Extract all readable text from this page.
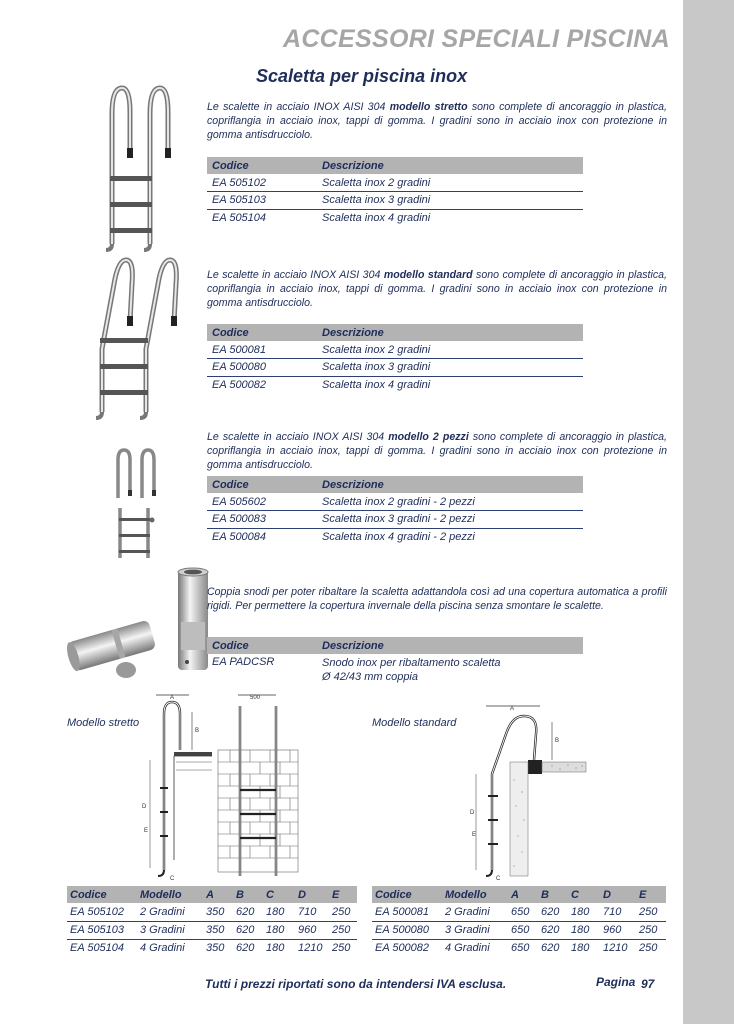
ACCESSORI SPECIALI PISCINA
Scaletta per piscina inox
Le scalette in acciaio INOX AISI 304 modello stretto sono complete di ancoraggio in plastica, copriflangia in acciaio inox, tappi di gomma. I gradini sono in acciaio inox con protezione in gomma antisdrucciolo.
Codice	Descrizione
EA 505102	Scaletta inox 2 gradini
EA 505103	Scaletta inox 3 gradini
EA 505104	Scaletta inox 4 gradini
Le scalette in acciaio INOX AISI 304 modello standard sono complete di ancoraggio in plastica, copriflangia in acciaio inox, tappi di gomma. I gradini sono in acciaio inox con protezione in gomma antisdrucciolo.
Codice	Descrizione
EA 500081	Scaletta inox 2 gradini
EA 500080	Scaletta inox 3 gradini
EA 500082	Scaletta inox 4 gradini
Le scalette in acciaio INOX AISI 304 modello 2 pezzi sono complete di ancoraggio in plastica, copriflangia in acciaio inox, tappi di gomma. I gradini sono in acciaio inox con protezione in gomma antisdrucciolo.
Codice	Descrizione
EA 505602	Scaletta inox 2 gradini - 2 pezzi
EA 500083	Scaletta inox 3 gradini - 2 pezzi
EA 500084	Scaletta inox 4 gradini - 2 pezzi
Coppia snodi per poter ribaltare la scaletta adattandola così ad una copertura automatica a profili rigidi. Per permettere la copertura invernale della piscina senza smontare le scalette.
Codice	Descrizione
EA PADCSR	Snodo inox per ribaltamento scaletta
Ø 42/43 mm coppia
Modello stretto	Modello standard
A
B
D
E
C
500
A
B
D
E
C
Codice	Modello	A	B	C	D	E
EA 505102	2 Gradini	350	620	180	710	250
EA 505103	3 Gradini	350	620	180	960	250
EA 505104	4 Gradini	350	620	180	1210	250
Codice	Modello	A	B	C	D	E
EA 500081	2 Gradini	650	620	180	710	250
EA 500080	3 Gradini	650	620	180	960	250
EA 500082	4 Gradini	650	620	180	1210	250
Tutti i prezzi riportati sono da intendersi IVA esclusa.	Pagina 97
